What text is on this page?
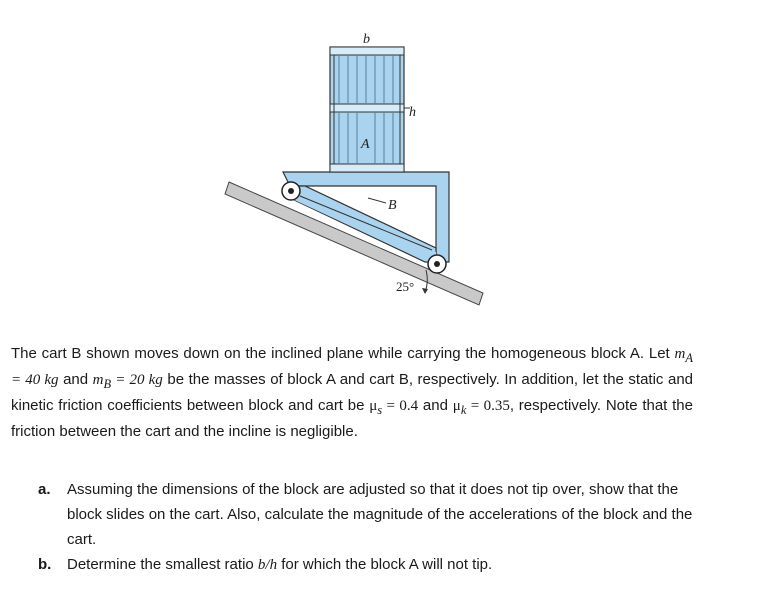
b
h
A
B
25°

The cart B shown moves down on the inclined plane while carrying the homogeneous block A. Let $m_A = 40$ kg and $m_B = 20$ kg be the masses of block A and cart B, respectively. In addition, let the static and kinetic friction coefficients between block and cart be $\mu_s = 0.4$ and $\mu_k = 0.35$, respectively. Note that the friction between the cart and the incline is negligible.

a. Assuming the dimensions of the block are adjusted so that it does not tip over, show that the block slides on the cart. Also, calculate the magnitude of the accelerations of the block and the cart.
b. Determine the smallest ratio b/h for which the block A will not tip.
